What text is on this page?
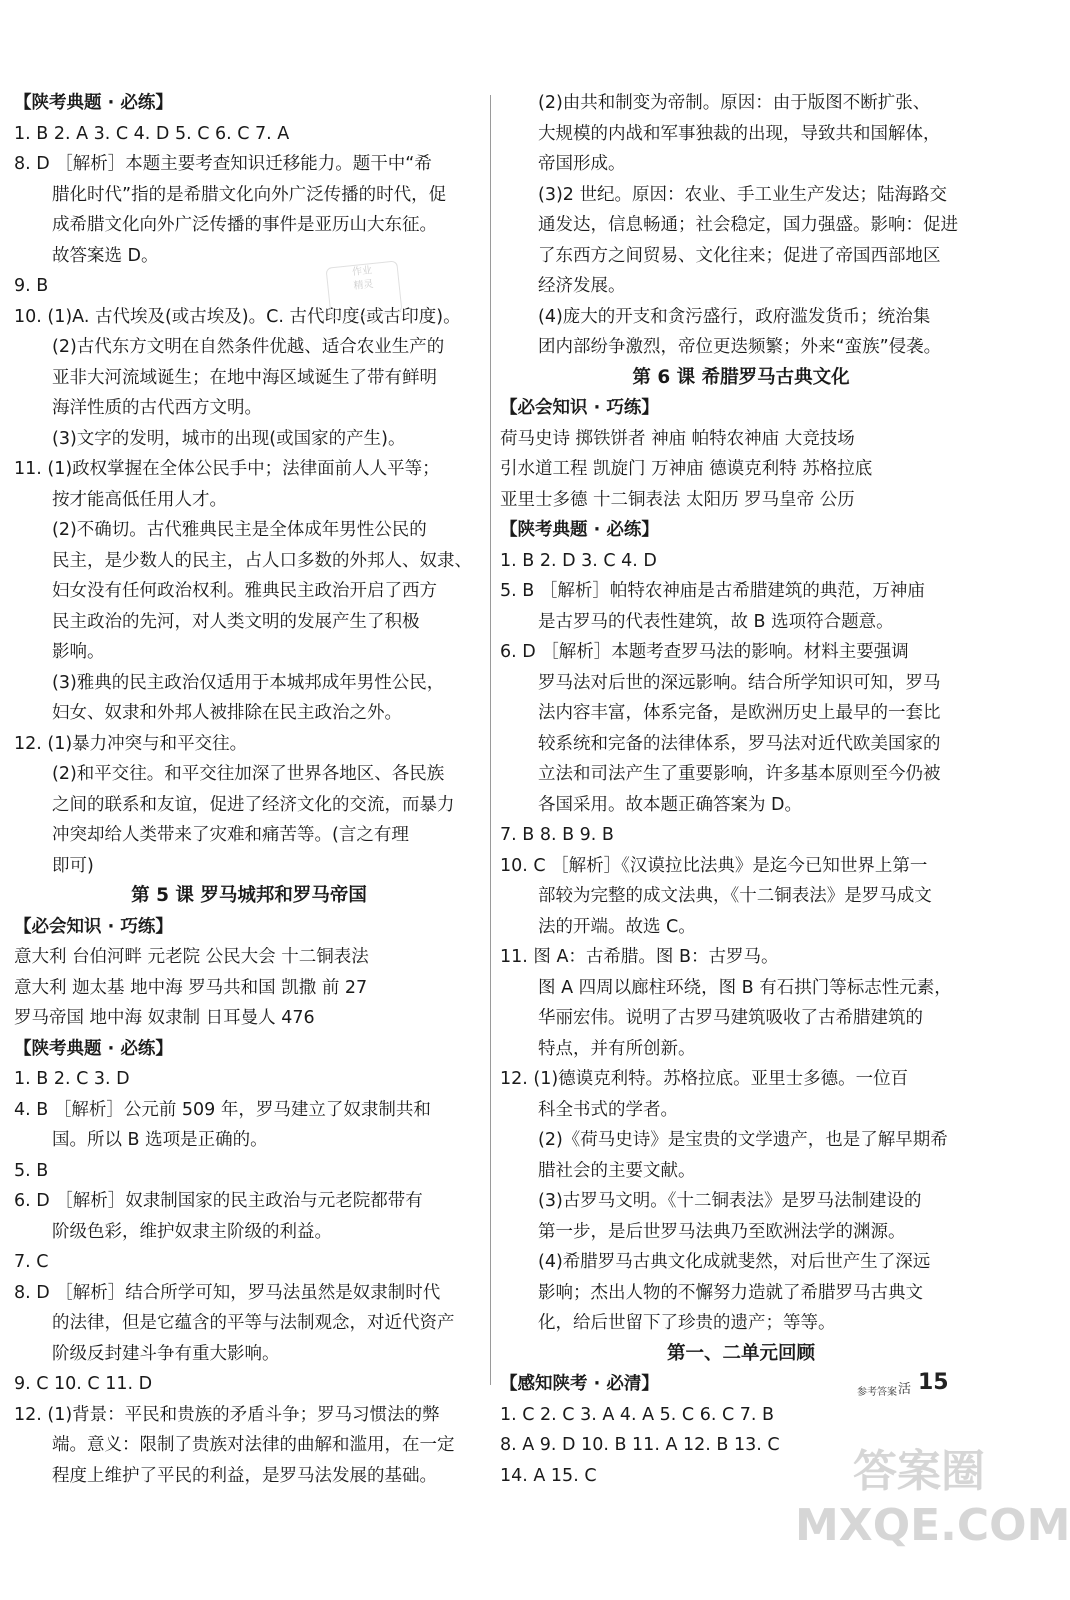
【陕考典题 · 必练】
1. B 2. A 3. C 4. D 5. C 6. C 7. A
8. D ［解析］本题主要考查知识迁移能力。题干中“希
腊化时代”指的是希腊文化向外广泛传播的时代，促
成希腊文化向外广泛传播的事件是亚历山大东征。
故答案选 D。
9. B
10. (1)A. 古代埃及(或古埃及)。C. 古代印度(或古印度)。
(2)古代东方文明在自然条件优越、适合农业生产的
亚非大河流域诞生；在地中海区域诞生了带有鲜明
海洋性质的古代西方文明。
(3)文字的发明，城市的出现(或国家的产生)。
11. (1)政权掌握在全体公民手中；法律面前人人平等；
按才能高低任用人才。
(2)不确切。古代雅典民主是全体成年男性公民的
民主，是少数人的民主，占人口多数的外邦人、奴隶、
妇女没有任何政治权利。雅典民主政治开启了西方
民主政治的先河，对人类文明的发展产生了积极
影响。
(3)雅典的民主政治仅适用于本城邦成年男性公民，
妇女、奴隶和外邦人被排除在民主政治之外。
12. (1)暴力冲突与和平交往。
(2)和平交往。和平交往加深了世界各地区、各民族
之间的联系和友谊，促进了经济文化的交流，而暴力
冲突却给人类带来了灾难和痛苦等。(言之有理
即可)
第 5 课 罗马城邦和罗马帝国
【必会知识 · 巧练】
意大利 台伯河畔 元老院 公民大会 十二铜表法
意大利 迦太基 地中海 罗马共和国 凯撒 前 27
罗马帝国 地中海 奴隶制 日耳曼人 476
【陕考典题 · 必练】
1. B 2. C 3. D
4. B ［解析］公元前 509 年，罗马建立了奴隶制共和
国。所以 B 选项是正确的。
5. B
6. D ［解析］奴隶制国家的民主政治与元老院都带有
阶级色彩，维护奴隶主阶级的利益。
7. C
8. D ［解析］结合所学可知，罗马法虽然是奴隶制时代
的法律，但是它蕴含的平等与法制观念，对近代资产
阶级反封建斗争有重大影响。
9. C 10. C 11. D
12. (1)背景：平民和贵族的矛盾斗争；罗马习惯法的弊
端。意义：限制了贵族对法律的曲解和滥用，在一定
程度上维护了平民的利益，是罗马法发展的基础。
(2)由共和制变为帝制。原因：由于版图不断扩张、
大规模的内战和军事独裁的出现，导致共和国解体，
帝国形成。
(3)2 世纪。原因：农业、手工业生产发达；陆海路交
通发达，信息畅通；社会稳定，国力强盛。影响：促进
了东西方之间贸易、文化往来；促进了帝国西部地区
经济发展。
(4)庞大的开支和贪污盛行，政府滥发货币；统治集
团内部纷争激烈，帝位更迭频繁；外来“蛮族”侵袭。
第 6 课 希腊罗马古典文化
【必会知识 · 巧练】
荷马史诗 掷铁饼者 神庙 帕特农神庙 大竞技场
引水道工程 凯旋门 万神庙 德谟克利特 苏格拉底
亚里士多德 十二铜表法 太阳历 罗马皇帝 公历
【陕考典题 · 必练】
1. B 2. D 3. C 4. D
5. B ［解析］帕特农神庙是古希腊建筑的典范，万神庙
是古罗马的代表性建筑，故 B 选项符合题意。
6. D ［解析］本题考查罗马法的影响。材料主要强调
罗马法对后世的深远影响。结合所学知识可知，罗马
法内容丰富，体系完备，是欧洲历史上最早的一套比
较系统和完备的法律体系，罗马法对近代欧美国家的
立法和司法产生了重要影响，许多基本原则至今仍被
各国采用。故本题正确答案为 D。
7. B 8. B 9. B
10. C ［解析］《汉谟拉比法典》是迄今已知世界上第一
部较为完整的成文法典，《十二铜表法》是罗马成文
法的开端。故选 C。
11. 图 A：古希腊。图 B：古罗马。
图 A 四周以廊柱环绕，图 B 有石拱门等标志性元素，
华丽宏伟。说明了古罗马建筑吸收了古希腊建筑的
特点，并有所创新。
12. (1)德谟克利特。苏格拉底。亚里士多德。一位百
科全书式的学者。
(2)《荷马史诗》是宝贵的文学遗产，也是了解早期希
腊社会的主要文献。
(3)古罗马文明。《十二铜表法》是罗马法制建设的
第一步，是后世罗马法典乃至欧洲法学的渊源。
(4)希腊罗马古典文化成就斐然，对后世产生了深远
影响；杰出人物的不懈努力造就了希腊罗马古典文
化，给后世留下了珍贵的遗产；等等。
第一、二单元回顾
【感知陕考 · 必清】
1. C 2. C 3. A 4. A 5. C 6. C 7. B
8. A 9. D 10. B 11. A 12. B 13. C
14. A 15. C
作业
精灵
参考答案 活 15
答案圈
MXQE.COM
